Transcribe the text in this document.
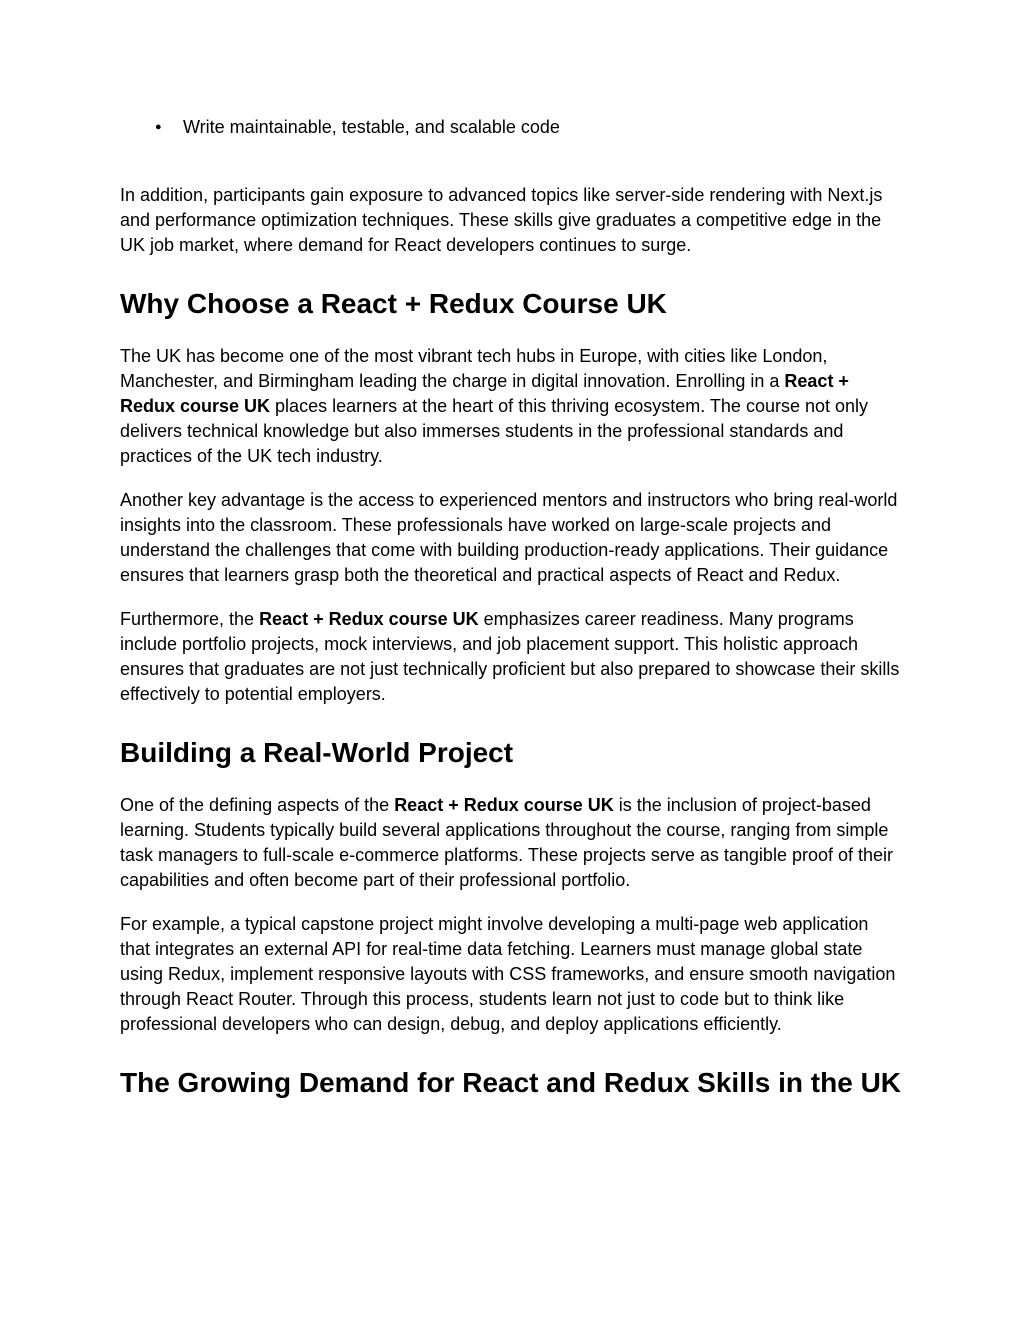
● Write maintainable, testable, and scalable code

In addition, participants gain exposure to advanced topics like server-side rendering with Next.js and performance optimization techniques. These skills give graduates a competitive edge in the UK job market, where demand for React developers continues to surge.

Why Choose a React + Redux Course UK

The UK has become one of the most vibrant tech hubs in Europe, with cities like London, Manchester, and Birmingham leading the charge in digital innovation. Enrolling in a React + Redux course UK places learners at the heart of this thriving ecosystem. The course not only delivers technical knowledge but also immerses students in the professional standards and practices of the UK tech industry.

Another key advantage is the access to experienced mentors and instructors who bring real-world insights into the classroom. These professionals have worked on large-scale projects and understand the challenges that come with building production-ready applications. Their guidance ensures that learners grasp both the theoretical and practical aspects of React and Redux.

Furthermore, the React + Redux course UK emphasizes career readiness. Many programs include portfolio projects, mock interviews, and job placement support. This holistic approach ensures that graduates are not just technically proficient but also prepared to showcase their skills effectively to potential employers.

Building a Real-World Project

One of the defining aspects of the React + Redux course UK is the inclusion of project-based learning. Students typically build several applications throughout the course, ranging from simple task managers to full-scale e-commerce platforms. These projects serve as tangible proof of their capabilities and often become part of their professional portfolio.

For example, a typical capstone project might involve developing a multi-page web application that integrates an external API for real-time data fetching. Learners must manage global state using Redux, implement responsive layouts with CSS frameworks, and ensure smooth navigation through React Router. Through this process, students learn not just to code but to think like professional developers who can design, debug, and deploy applications efficiently.

The Growing Demand for React and Redux Skills in the UK
